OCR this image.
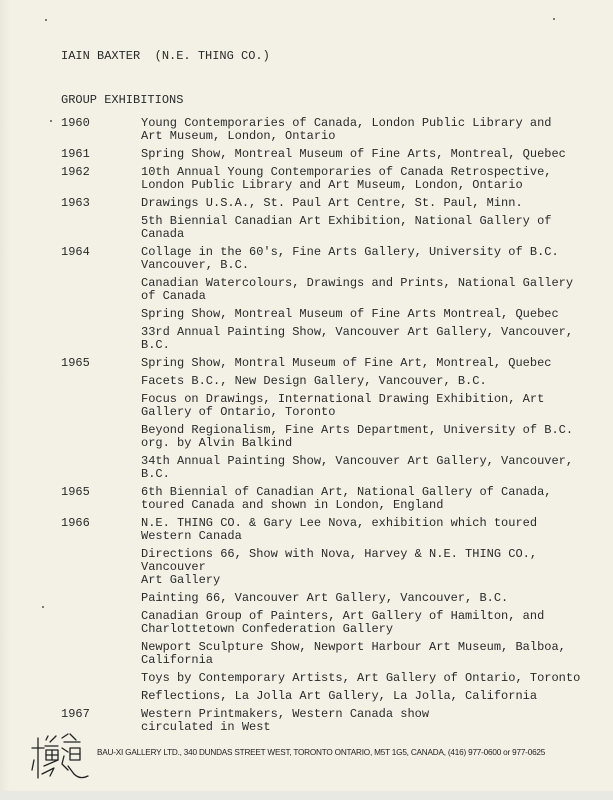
IAIN BAXTER  (N.E. THING CO.)
GROUP EXHIBITIONS
1960	Young Contemporaries of Canada, London Public Library and
Art Museum, London, Ontario
1961	Spring Show, Montreal Museum of Fine Arts, Montreal, Quebec
1962	10th Annual Young Contemporaries of Canada Retrospective,
London Public Library and Art Museum, London, Ontario
1963	Drawings U.S.A., St. Paul Art Centre, St. Paul, Minn.
5th Biennial Canadian Art Exhibition, National Gallery of
Canada
1964	Collage in the 60's, Fine Arts Gallery, University of B.C.
Vancouver, B.C.
Canadian Watercolours, Drawings and Prints, National Gallery
of Canada
Spring Show, Montreal Museum of Fine Arts Montreal, Quebec
33rd Annual Painting Show, Vancouver Art Gallery, Vancouver,
B.C.
1965	Spring Show, Montral Museum of Fine Art, Montreal, Quebec
Facets B.C., New Design Gallery, Vancouver, B.C.
Focus on Drawings, International Drawing Exhibition, Art
Gallery of Ontario, Toronto
Beyond Regionalism, Fine Arts Department, University of B.C.
org. by Alvin Balkind
34th Annual Painting Show, Vancouver Art Gallery, Vancouver, B.C.
1965	6th Biennial of Canadian Art, National Gallery of Canada,
toured Canada and shown in London, England
1966	N.E. THING CO. & Gary Lee Nova, exhibition which toured
Western Canada
Directions 66, Show with Nova, Harvey & N.E. THING CO., Vancouver
Art Gallery
Painting 66, Vancouver Art Gallery, Vancouver, B.C.
Canadian Group of Painters, Art Gallery of Hamilton, and
Charlottetown Confederation Gallery
Newport Sculpture Show, Newport Harbour Art Museum, Balboa,
California
Toys by Contemporary Artists, Art Gallery of Ontario, Toronto
Reflections, La Jolla Art Gallery, La Jolla, California
1967	Western Printmakers, Western Canada show
circulated in West
BAU-XI GALLERY LTD., 340 DUNDAS STREET WEST, TORONTO ONTARIO, M5T 1G5, CANADA, (416) 977-0600 or 977-0625
